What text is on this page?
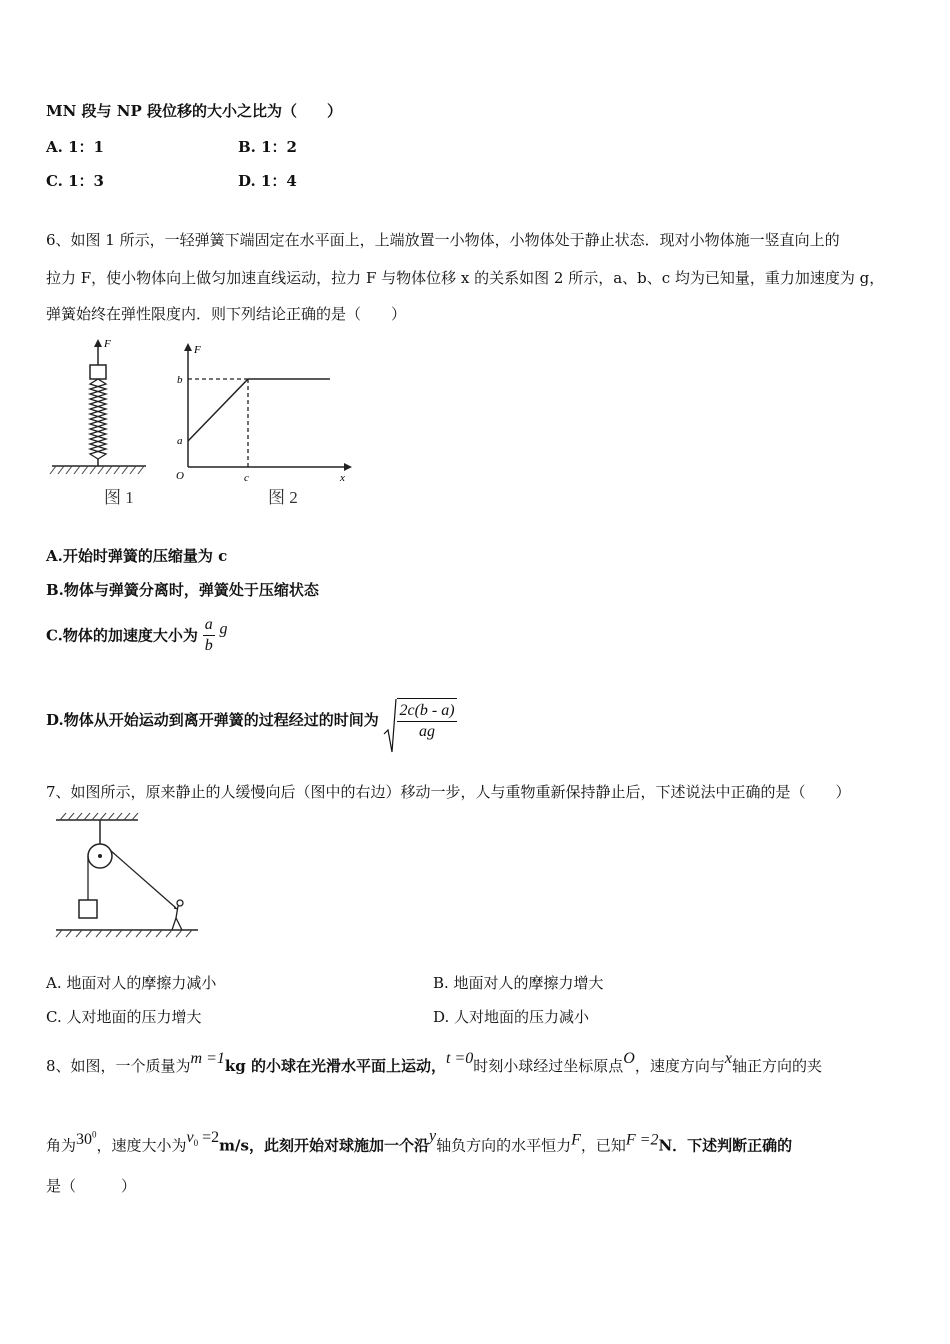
MN 段与 NP 段位移的大小之比为（　　）
A. 1：1	B. 1：2
C. 1：3	D. 1：4
6、如图 1 所示，一轻弹簧下端固定在水平面上，上端放置一小物体，小物体处于静止状态．现对小物体施一竖直向上的
拉力 F，使小物体向上做匀加速直线运动，拉力 F 与物体位移 x 的关系如图 2 所示，a、b、c 均为已知量，重力加速度为 g，
弹簧始终在弹性限度内．则下列结论正确的是（　　）
F
图 1
F
x
O
a
b
c
图 2
A.开始时弹簧的压缩量为 c
B.物体与弹簧分离时，弹簧处于压缩状态
C.物体的加速度大小为 $\frac{a}{b}$ g
D.物体从开始运动到离开弹簧的过程经过的时间为 $\frac{2c(b - a)}{ag}$
7、如图所示，原来静止的人缓慢向后（图中的右边）移动一步，人与重物重新保持静止后，下述说法中正确的是（　　）
A. 地面对人的摩擦力减小	B. 地面对人的摩擦力增大
C. 人对地面的压力增大	D. 人对地面的压力减小
8、如图，一个质量为m =1kg 的小球在光滑水平面上运动，t =0时刻小球经过坐标原点O，速度方向与x轴正方向的夹
角为$30^0$，速度大小为$v_0 =2m/s$，此刻开始对球施加一个沿y轴负方向的水平恒力F，已知F =2N．下述判断正确的
是（　　　）
